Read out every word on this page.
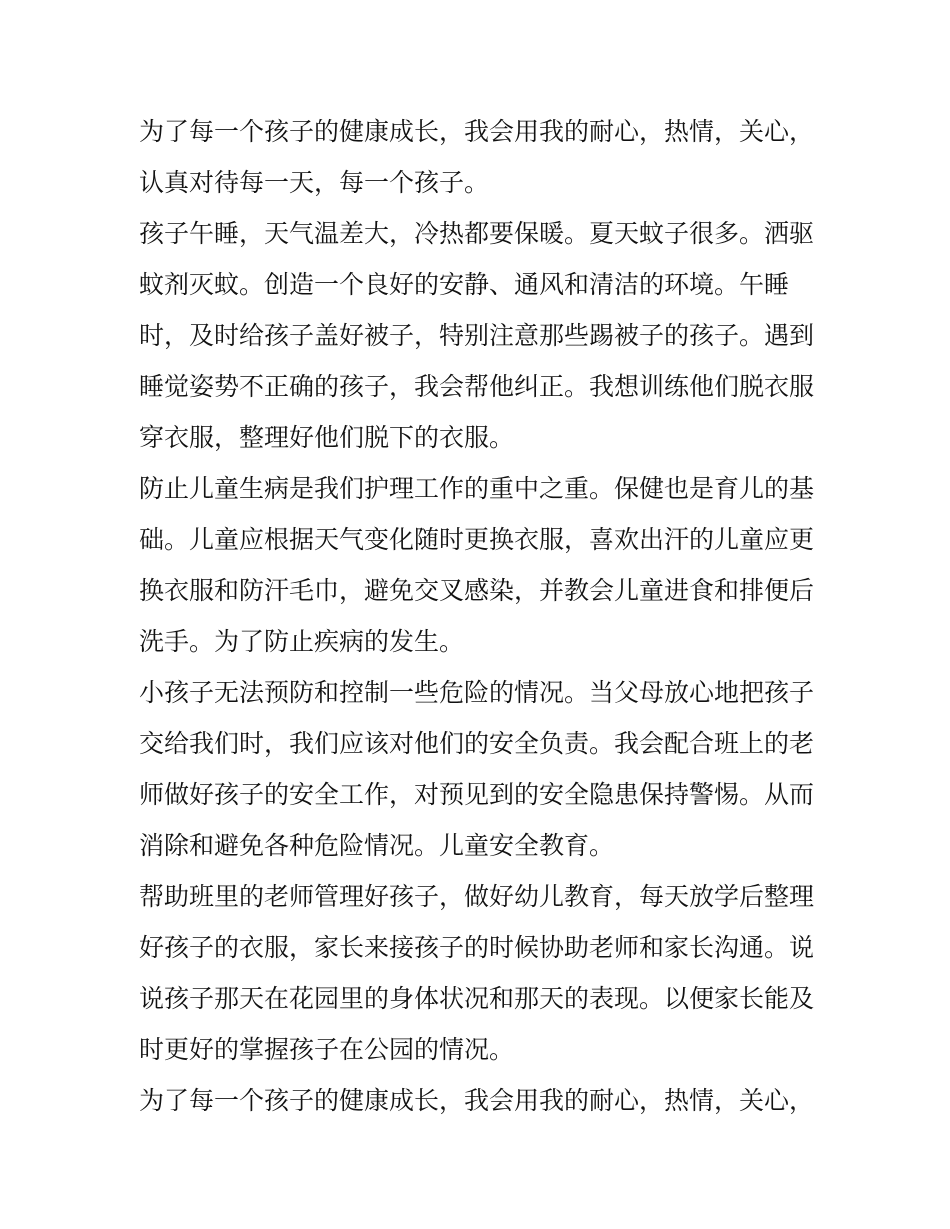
为了每一个孩子的健康成长，我会用我的耐心，热情，关心，
认真对待每一天，每一个孩子。
孩子午睡，天气温差大，冷热都要保暖。夏天蚊子很多。洒驱
蚊剂灭蚊。创造一个良好的安静、通风和清洁的环境。午睡
时，及时给孩子盖好被子，特别注意那些踢被子的孩子。遇到
睡觉姿势不正确的孩子，我会帮他纠正。我想训练他们脱衣服
穿衣服，整理好他们脱下的衣服。
防止儿童生病是我们护理工作的重中之重。保健也是育儿的基
础。儿童应根据天气变化随时更换衣服，喜欢出汗的儿童应更
换衣服和防汗毛巾，避免交叉感染，并教会儿童进食和排便后
洗手。为了防止疾病的发生。
小孩子无法预防和控制一些危险的情况。当父母放心地把孩子
交给我们时，我们应该对他们的安全负责。我会配合班上的老
师做好孩子的安全工作，对预见到的安全隐患保持警惕。从而
消除和避免各种危险情况。儿童安全教育。
帮助班里的老师管理好孩子，做好幼儿教育，每天放学后整理
好孩子的衣服，家长来接孩子的时候协助老师和家长沟通。说
说孩子那天在花园里的身体状况和那天的表现。以便家长能及
时更好的掌握孩子在公园的情况。
为了每一个孩子的健康成长，我会用我的耐心，热情，关心，
